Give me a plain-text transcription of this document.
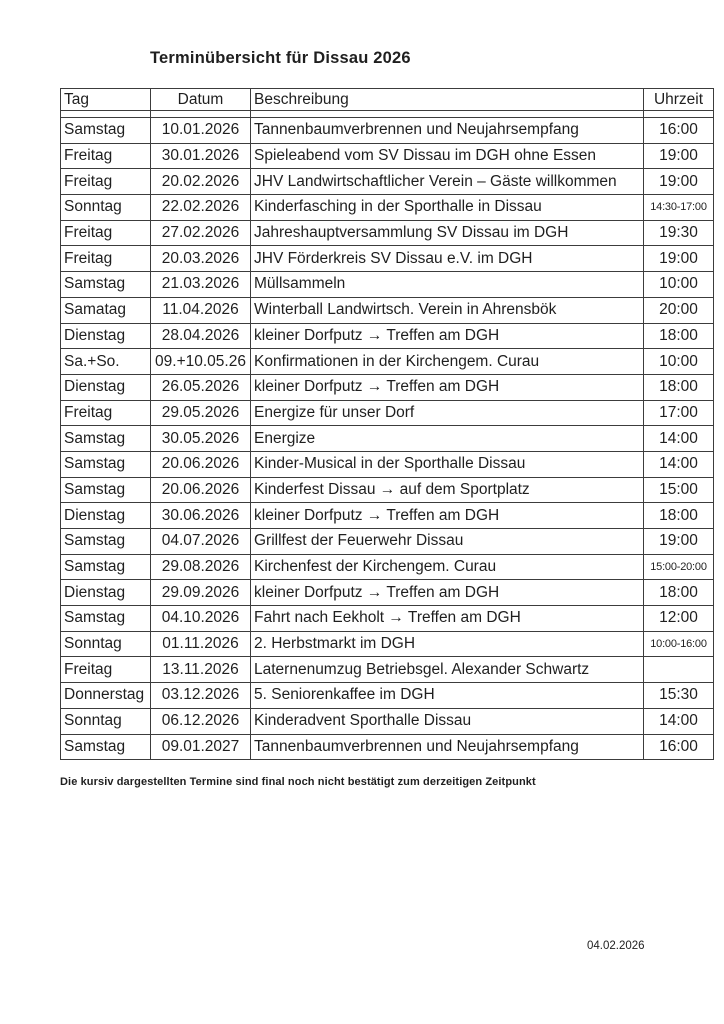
Terminübersicht für Dissau 2026
Tag	Datum	Beschreibung	Uhrzeit

Samstag	10.01.2026	Tannenbaumverbrennen und Neujahrsempfang	16:00
Freitag	30.01.2026	Spieleabend vom SV Dissau im DGH ohne Essen	19:00
Freitag	20.02.2026	JHV Landwirtschaftlicher Verein – Gäste willkommen	19:00
Sonntag	22.02.2026	Kinderfasching in der Sporthalle in Dissau	14:30-17:00
Freitag	27.02.2026	Jahreshauptversammlung SV Dissau im DGH	19:30
Freitag	20.03.2026	JHV Förderkreis SV Dissau e.V. im DGH	19:00
Samstag	21.03.2026	Müllsammeln	10:00
Samatag	11.04.2026	Winterball Landwirtsch. Verein in Ahrensbök	20:00
Dienstag	28.04.2026	kleiner Dorfputz → Treffen am DGH	18:00
Sa.+So.	09.+10.05.26	Konfirmationen in der Kirchengem. Curau	10:00
Dienstag	26.05.2026	kleiner Dorfputz → Treffen am DGH	18:00
Freitag	29.05.2026	Energize für unser Dorf	17:00
Samstag	30.05.2026	Energize	14:00
Samstag	20.06.2026	Kinder-Musical in der Sporthalle Dissau	14:00
Samstag	20.06.2026	Kinderfest Dissau → auf dem Sportplatz	15:00
Dienstag	30.06.2026	kleiner Dorfputz → Treffen am DGH	18:00
Samstag	04.07.2026	Grillfest der Feuerwehr Dissau	19:00
Samstag	29.08.2026	Kirchenfest der Kirchengem. Curau	15:00-20:00
Dienstag	29.09.2026	kleiner Dorfputz → Treffen am DGH	18:00
Samstag	04.10.2026	Fahrt nach Eekholt → Treffen am DGH	12:00
Sonntag	01.11.2026	2. Herbstmarkt im DGH	10:00-16:00
Freitag	13.11.2026	Laternenumzug Betriebsgel. Alexander Schwartz	
Donnerstag	03.12.2026	5. Seniorenkaffee im DGH	15:30
Sonntag	06.12.2026	Kinderadvent Sporthalle Dissau	14:00
Samstag	09.01.2027	Tannenbaumverbrennen und Neujahrsempfang	16:00
Die kursiv dargestellten Termine sind final noch nicht bestätigt zum derzeitigen Zeitpunkt
04.02.2026
